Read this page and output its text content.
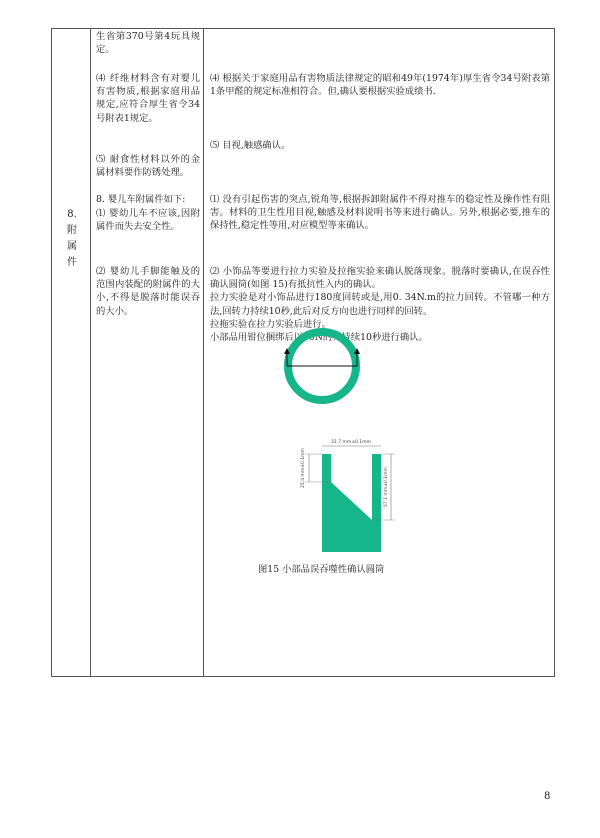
8.
附
属
件
生省第370号第4玩具规定。
⑷ 纤维材料含有对婴儿有害物质,根据家庭用品规定,应符合厚生省令34号附表1规定。
⑸ 耐食性材料以外的金属材料要作防锈处理。
8. 婴儿车附属件如下:
⑴ 婴幼儿车不应该,因附属件而失去安全性。
⑵ 婴幼儿手脚能触及的范围内装配的附属件的大小,不得是脱落时能误吞的大小。
⑷ 根据关于家庭用品有害物质法律规定的昭和49年(1974年)厚生省令34号附表第1条甲醛的规定标准相符合。但,确认要根据实验成绩书.
⑸ 目视,触感确认。
⑴ 没有引起伤害的突点,锐角等,根据拆卸附属件不得对推车的稳定性及操作性有阻害。材料的卫生性用目视,触感及材料说明书等来进行确认。另外,根据必要,推车的保持性,稳定性等用,对应模型等来确认。
⑵ 小饰品等要进行拉力实验及拉拖实验来确认脱落现象。脱落时要确认,在误吞性确认圆筒(如图 15)有抵抗性入内的确认。
拉力实验是对小饰品进行180度回转或是,用0. 34N.m的拉力回转。不管哪一种方法,回转力持续10秒,此后对反方向也进行同样的回转。
拉拖实验在拉力实验后进行。
小部品用钳位捆绑后以90N的力持续10秒进行确认。
31.7 mm±0.1mm
25.4 mm±0.1mm	57.1 mm±0.1mm
图15 小部品误吞噬性确认圆筒
8
